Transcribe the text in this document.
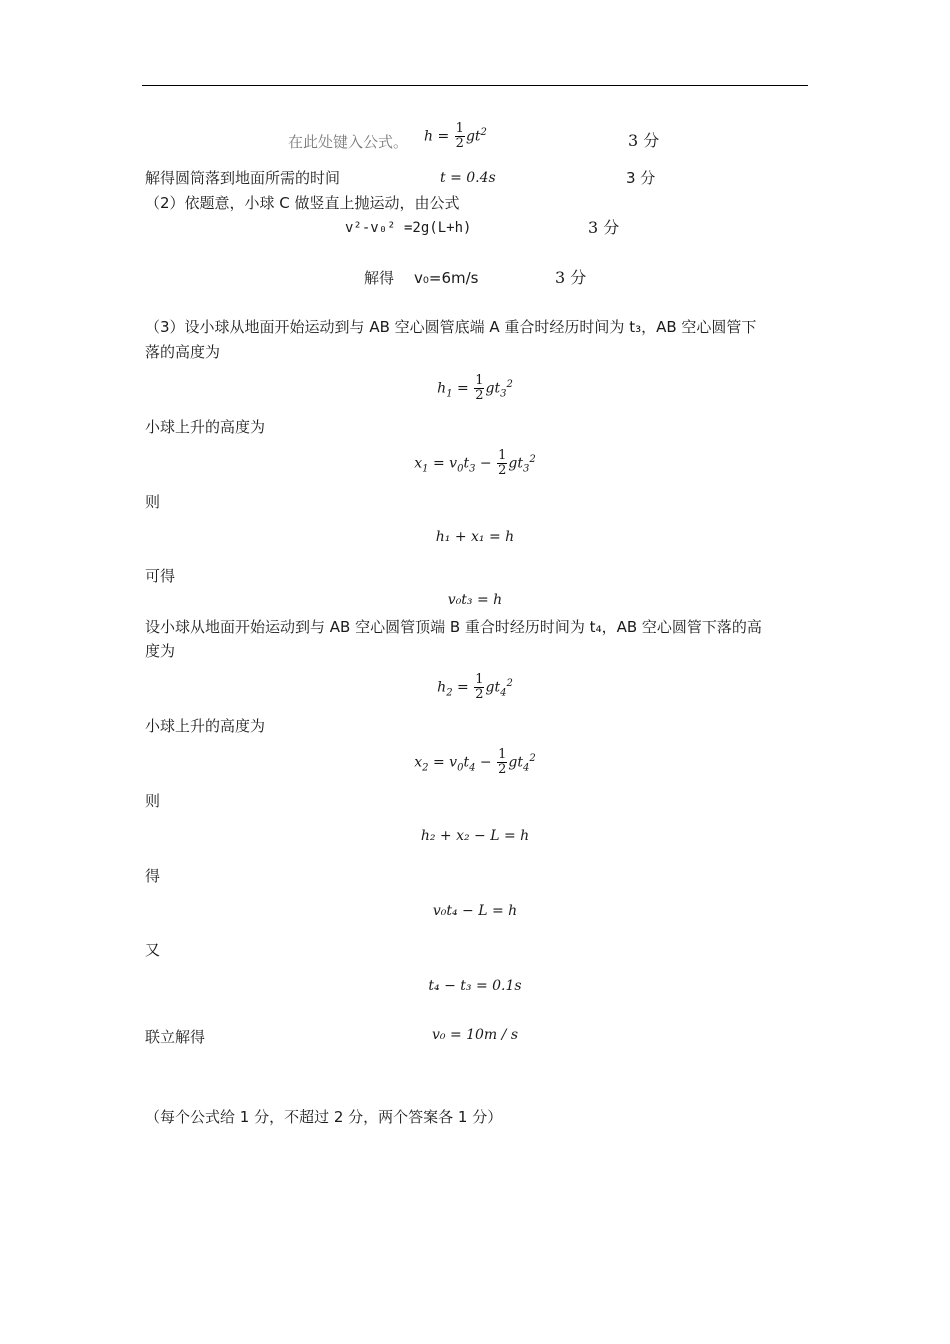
在此处键入公式。 $h = \frac{1}{2} gt^2$	3 分
解得圆筒落到地面所需的时间	t = 0.4s	3 分
（2）依题意，小球 C 做竖直上抛运动，由公式
v²-v₀² =2g(L+h)	3 分
解得 v₀=6m/s	3 分
（3）设小球从地面开始运动到与 AB 空心圆管底端 A 重合时经历时间为 t₃，AB 空心圆管下
落的高度为
$h_1 = \frac{1}{2} gt_3^2$
小球上升的高度为
$x_1 = v_0t_3 - \frac{1}{2} gt_3^2$
则
h₁ + x₁ = h
可得
v₀t₃ = h
设小球从地面开始运动到与 AB 空心圆管顶端 B 重合时经历时间为 t₄，AB 空心圆管下落的高
度为
$h_2 = \frac{1}{2} gt_4^2$
小球上升的高度为
$x_2 = v_0t_4 - \frac{1}{2} gt_4^2$
则
h₂ + x₂ − L = h
得
v₀t₄ − L = h
又
t₄ − t₃ = 0.1s
联立解得	v₀ = 10m / s
（每个公式给 1 分，不超过 2 分，两个答案各 1 分）
